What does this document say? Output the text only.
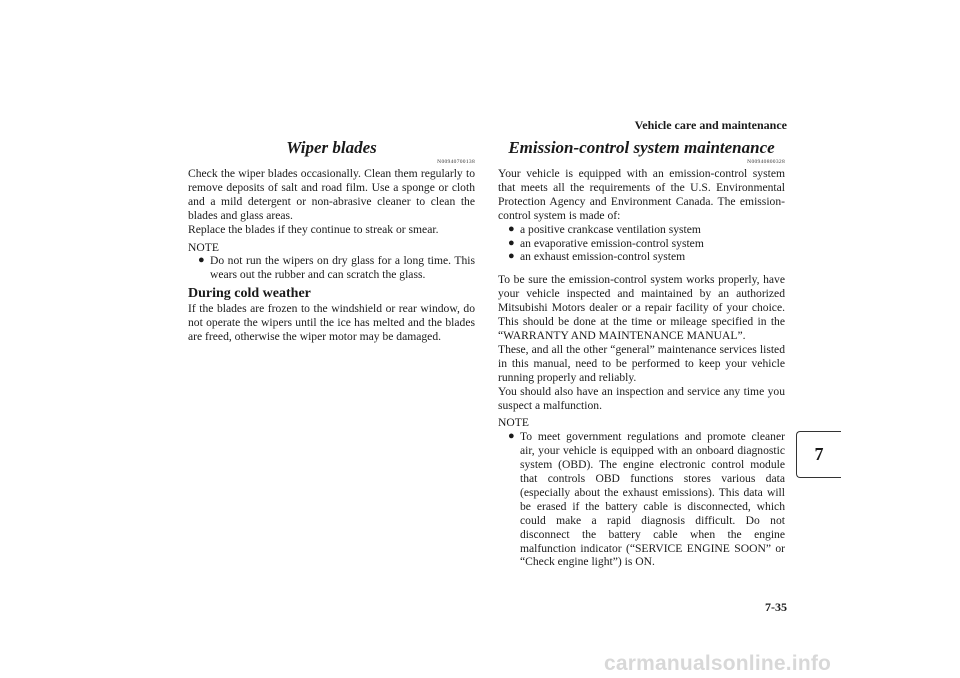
Vehicle care and maintenance
7
7-35
Wiper blades
N00940700138

Check the wiper blades occasionally. Clean them regularly to remove deposits of salt and road film. Use a sponge or cloth and a mild detergent or non-abrasive cleaner to clean the blades and glass areas.

Replace the blades if they continue to streak or smear.

NOTE
● Do not run the wipers on dry glass for a long time. This wears out the rubber and can scratch the glass.
During cold weather

If the blades are frozen to the windshield or rear window, do not operate the wipers until the ice has melted and the blades are freed, otherwise the wiper motor may be damaged.

Emission-control system maintenance
N00940800328

Your vehicle is equipped with an emission-control system that meets all the requirements of the U.S. Environmental Protection Agency and Environment Canada. The emission-control system is made of:

● a positive crankcase ventilation system
● an evaporative emission-control system
● an exhaust emission-control system

To be sure the emission-control system works properly, have your vehicle inspected and maintained by an authorized Mitsubishi Motors dealer or a repair facility of your choice. This should be done at the time or mileage specified in the “WARRANTY AND MAINTENANCE MANUAL”.

These, and all the other “general” maintenance services listed in this manual, need to be performed to keep your vehicle running properly and reliably.

You should also have an inspection and service any time you suspect a malfunction.

NOTE
● To meet government regulations and promote cleaner air, your vehicle is equipped with an onboard diagnostic system (OBD). The engine electronic control module that controls OBD functions stores various data (especially about the exhaust emissions). This data will be erased if the battery cable is disconnected, which could make a rapid diagnosis difficult. Do not disconnect the battery cable when the engine malfunction indicator (“SERVICE ENGINE SOON” or “Check engine light”) is ON.
carmanualsonline.info
